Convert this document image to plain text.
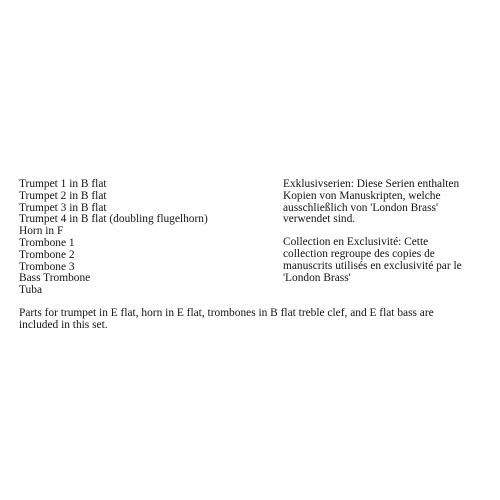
Trumpet 1 in B flat
Trumpet 2 in B flat
Trumpet 3 in B flat
Trumpet 4 in B flat (doubling flugelhorn)
Horn in F
Trombone 1
Trombone 2
Trombone 3
Bass Trombone
Tuba

Exklusivserien: Diese Serien enthalten
Kopien von Manuskripten, welche
ausschließlich von 'London Brass'
verwendet sind.

Collection en Exclusivité: Cette
collection regroupe des copies de
manuscrits utilisés en exclusivité par le
'London Brass'

Parts for trumpet in E flat, horn in E flat, trombones in B flat treble clef, and E flat bass are
included in this set.
